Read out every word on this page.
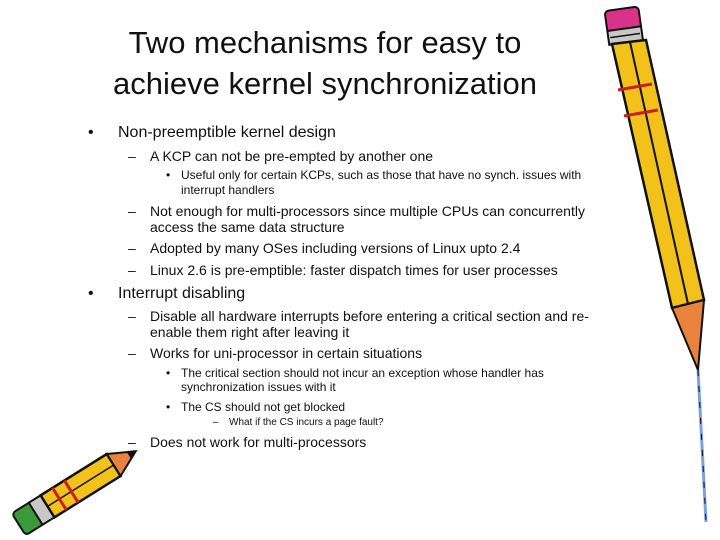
Two mechanisms for easy to
achieve kernel synchronization
• Non-preemptible kernel design
– A KCP can not be pre-empted by another one
• Useful only for certain KCPs, such as those that have no synch. issues with
interrupt handlers
– Not enough for multi-processors since multiple CPUs can concurrently
access the same data structure
– Adopted by many OSes including versions of Linux upto 2.4
– Linux 2.6 is pre-emptible: faster dispatch times for user processes
• Interrupt disabling
– Disable all hardware interrupts before entering a critical section and re-
enable them right after leaving it
– Works for uni-processor in certain situations
• The critical section should not incur an exception whose handler has
synchronization issues with it
• The CS should not get blocked
– What if the CS incurs a page fault?
– Does not work for multi-processors
